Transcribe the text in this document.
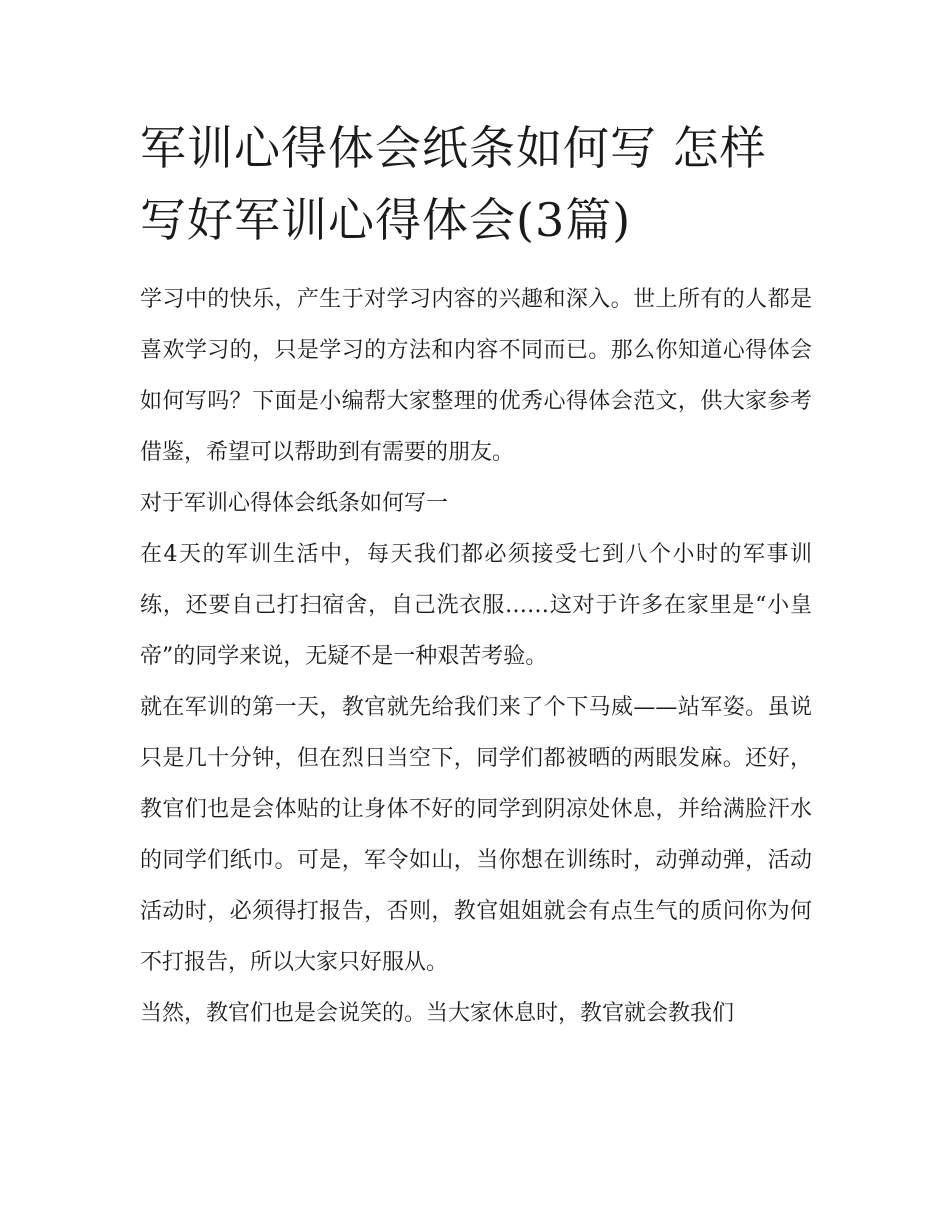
军训心得体会纸条如何写 怎样写好军训心得体会(3篇)

学习中的快乐，产生于对学习内容的兴趣和深入。世上所有的人都是喜欢学习的，只是学习的方法和内容不同而已。那么你知道心得体会如何写吗？下面是小编帮大家整理的优秀心得体会范文，供大家参考借鉴，希望可以帮助到有需要的朋友。

对于军训心得体会纸条如何写一

在4天的军训生活中，每天我们都必须接受七到八个小时的军事训练，还要自己打扫宿舍，自己洗衣服……这对于许多在家里是“小皇帝”的同学来说，无疑不是一种艰苦考验。

就在军训的第一天，教官就先给我们来了个下马威——站军姿。虽说只是几十分钟，但在烈日当空下，同学们都被晒的两眼发麻。还好，教官们也是会体贴的让身体不好的同学到阴凉处休息，并给满脸汗水的同学们纸巾。可是，军令如山，当你想在训练时，动弹动弹，活动活动时，必须得打报告，否则，教官姐姐就会有点生气的质问你为何不打报告，所以大家只好服从。

当然，教官们也是会说笑的。当大家休息时，教官就会教我们
